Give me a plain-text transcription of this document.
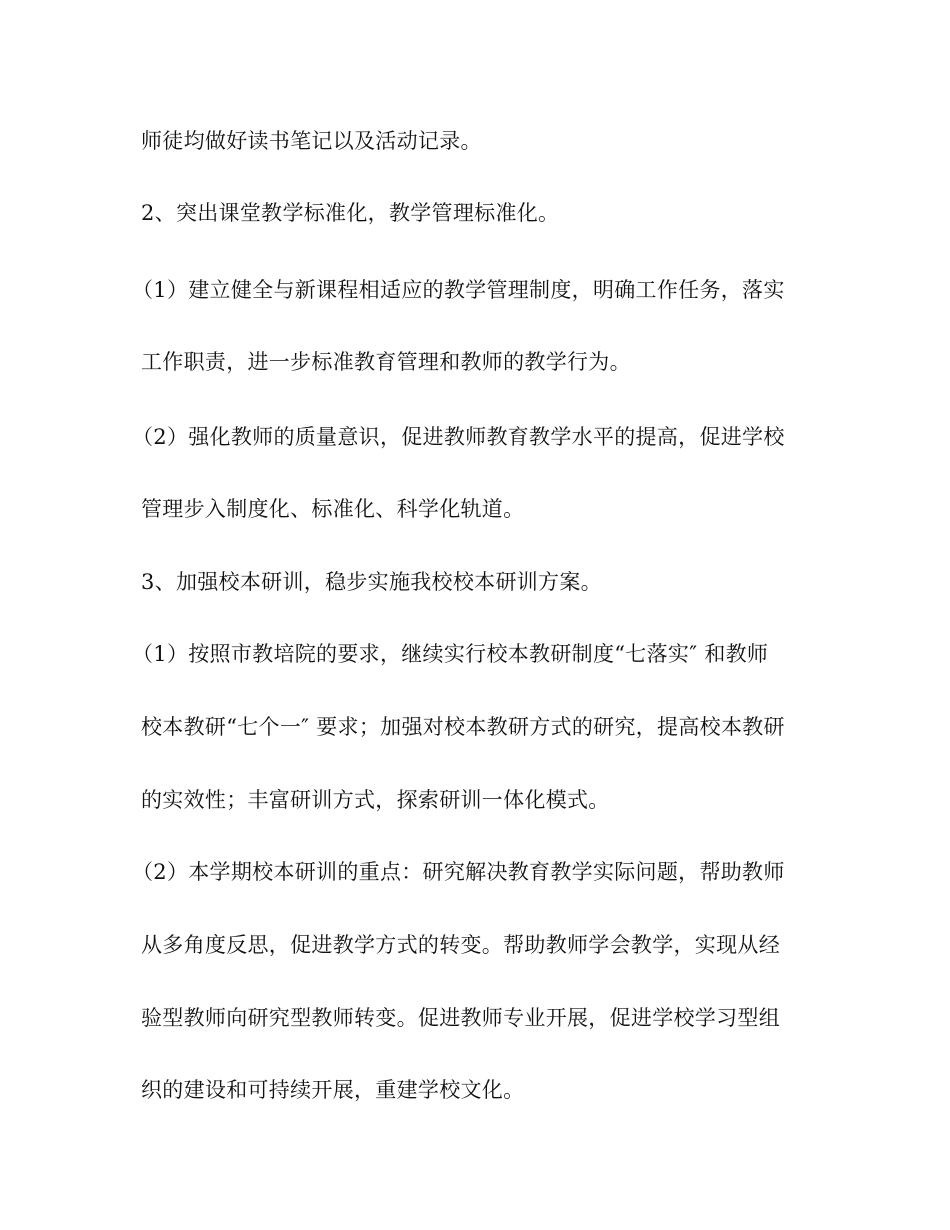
师徒均做好读书笔记以及活动记录。
2、突出课堂教学标准化，教学管理标准化。
（1）建立健全与新课程相适应的教学管理制度，明确工作任务，落实
工作职责，进一步标准教育管理和教师的教学行为。
（2）强化教师的质量意识，促进教师教育教学水平的提高，促进学校
管理步入制度化、标准化、科学化轨道。
3、加强校本研训，稳步实施我校校本研训方案。
（1）按照市教培院的要求，继续实行校本教研制度“七落实″ 和教师
校本教研“七个一″ 要求；加强对校本教研方式的研究，提高校本教研
的实效性；丰富研训方式，探索研训一体化模式。
（2）本学期校本研训的重点：研究解决教育教学实际问题，帮助教师
从多角度反思，促进教学方式的转变。帮助教师学会教学，实现从经
验型教师向研究型教师转变。促进教师专业开展，促进学校学习型组
织的建设和可持续开展，重建学校文化。
